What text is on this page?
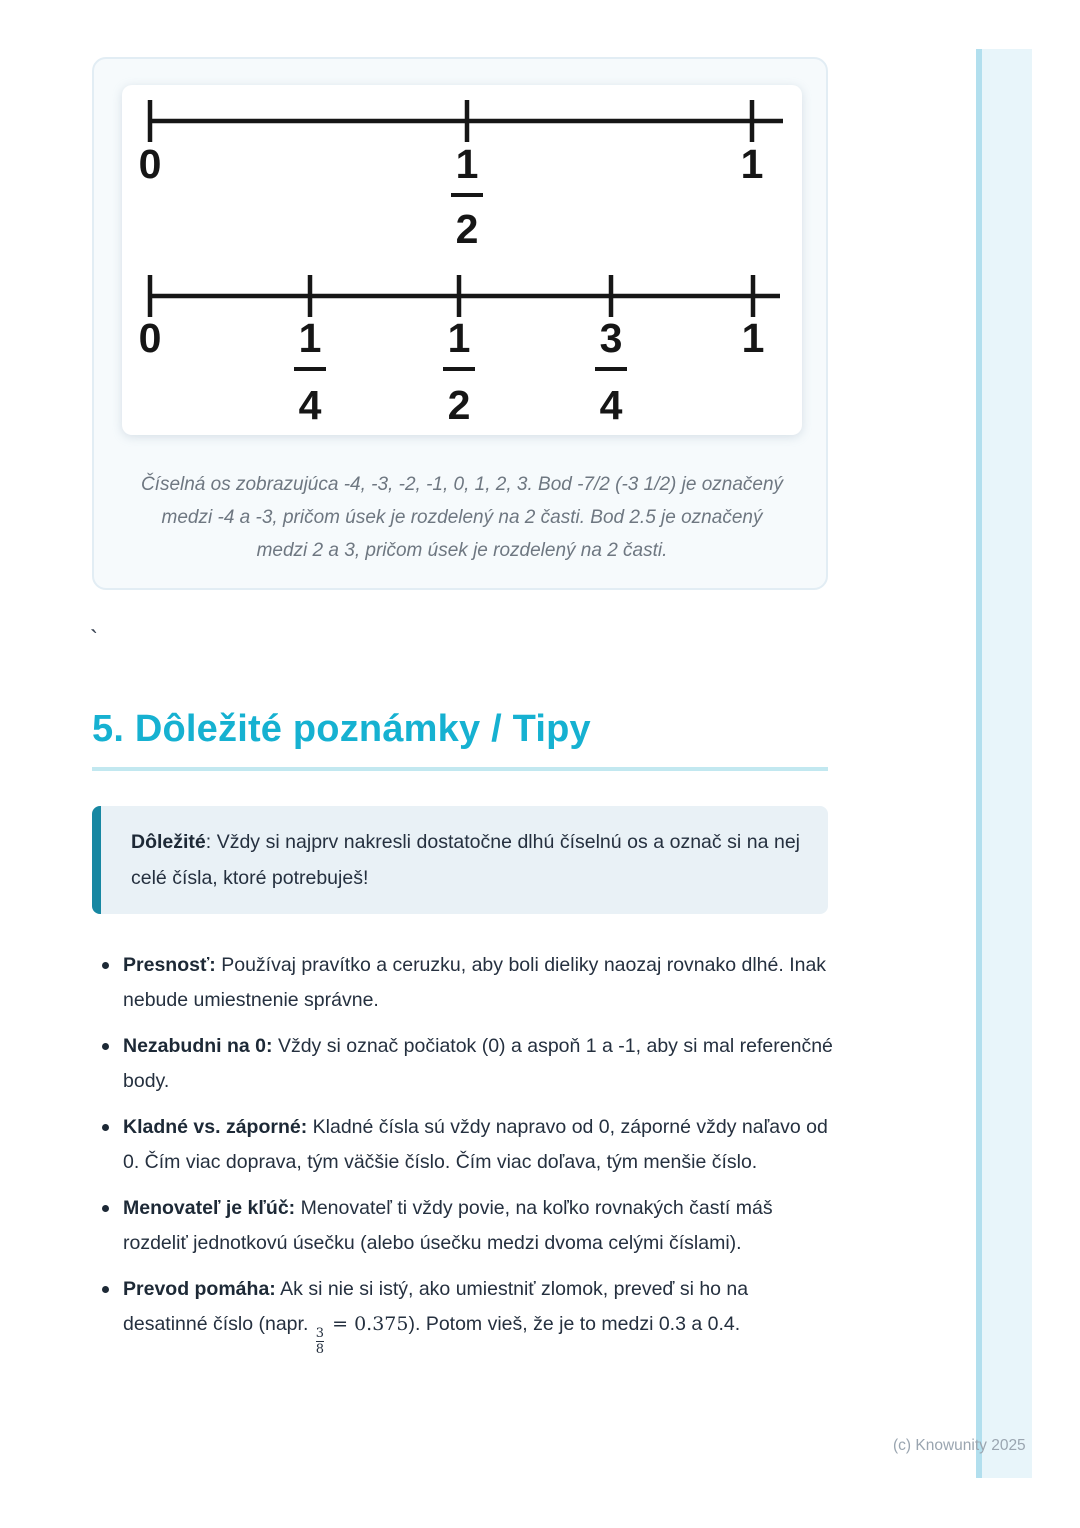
0	1
2
1
0	1
4
1
2
3
4
1

Číselná os zobrazujúca -4, -3, -2, -1, 0, 1, 2, 3. Bod -7/2 (-3 1/2) je označený medzi -4 a -3, pričom úsek je rozdelený na 2 časti. Bod 2.5 je označený medzi 2 a 3, pričom úsek je rozdelený na 2 časti.

`
5. Dôležité poznámky / Tipy
Dôležité: Vždy si najprv nakresli dostatočne dlhú číselnú os a označ si na nej celé čísla, ktoré potrebuješ!
Presnosť: Používaj pravítko a ceruzku, aby boli dieliky naozaj rovnako dlhé. Inak nebude umiestnenie správne.
Nezabudni na 0: Vždy si označ počiatok (0) a aspoň 1 a -1, aby si mal referenčné body.
Kladné vs. záporné: Kladné čísla sú vždy napravo od 0, záporné vždy naľavo od 0. Čím viac doprava, tým väčšie číslo. Čím viac doľava, tým menšie číslo.
Menovateľ je kľúč: Menovateľ ti vždy povie, na koľko rovnakých častí máš rozdeliť jednotkovú úsečku (alebo úsečku medzi dvoma celými číslami).
Prevod pomáha: Ak si nie si istý, ako umiestniť zlomok, preveď si ho na desatinné číslo (napr.
$\frac{3}{8}$
= 0.375). Potom vieš, že je to medzi 0.3 a 0.4.
(c) Knowunity 2025
